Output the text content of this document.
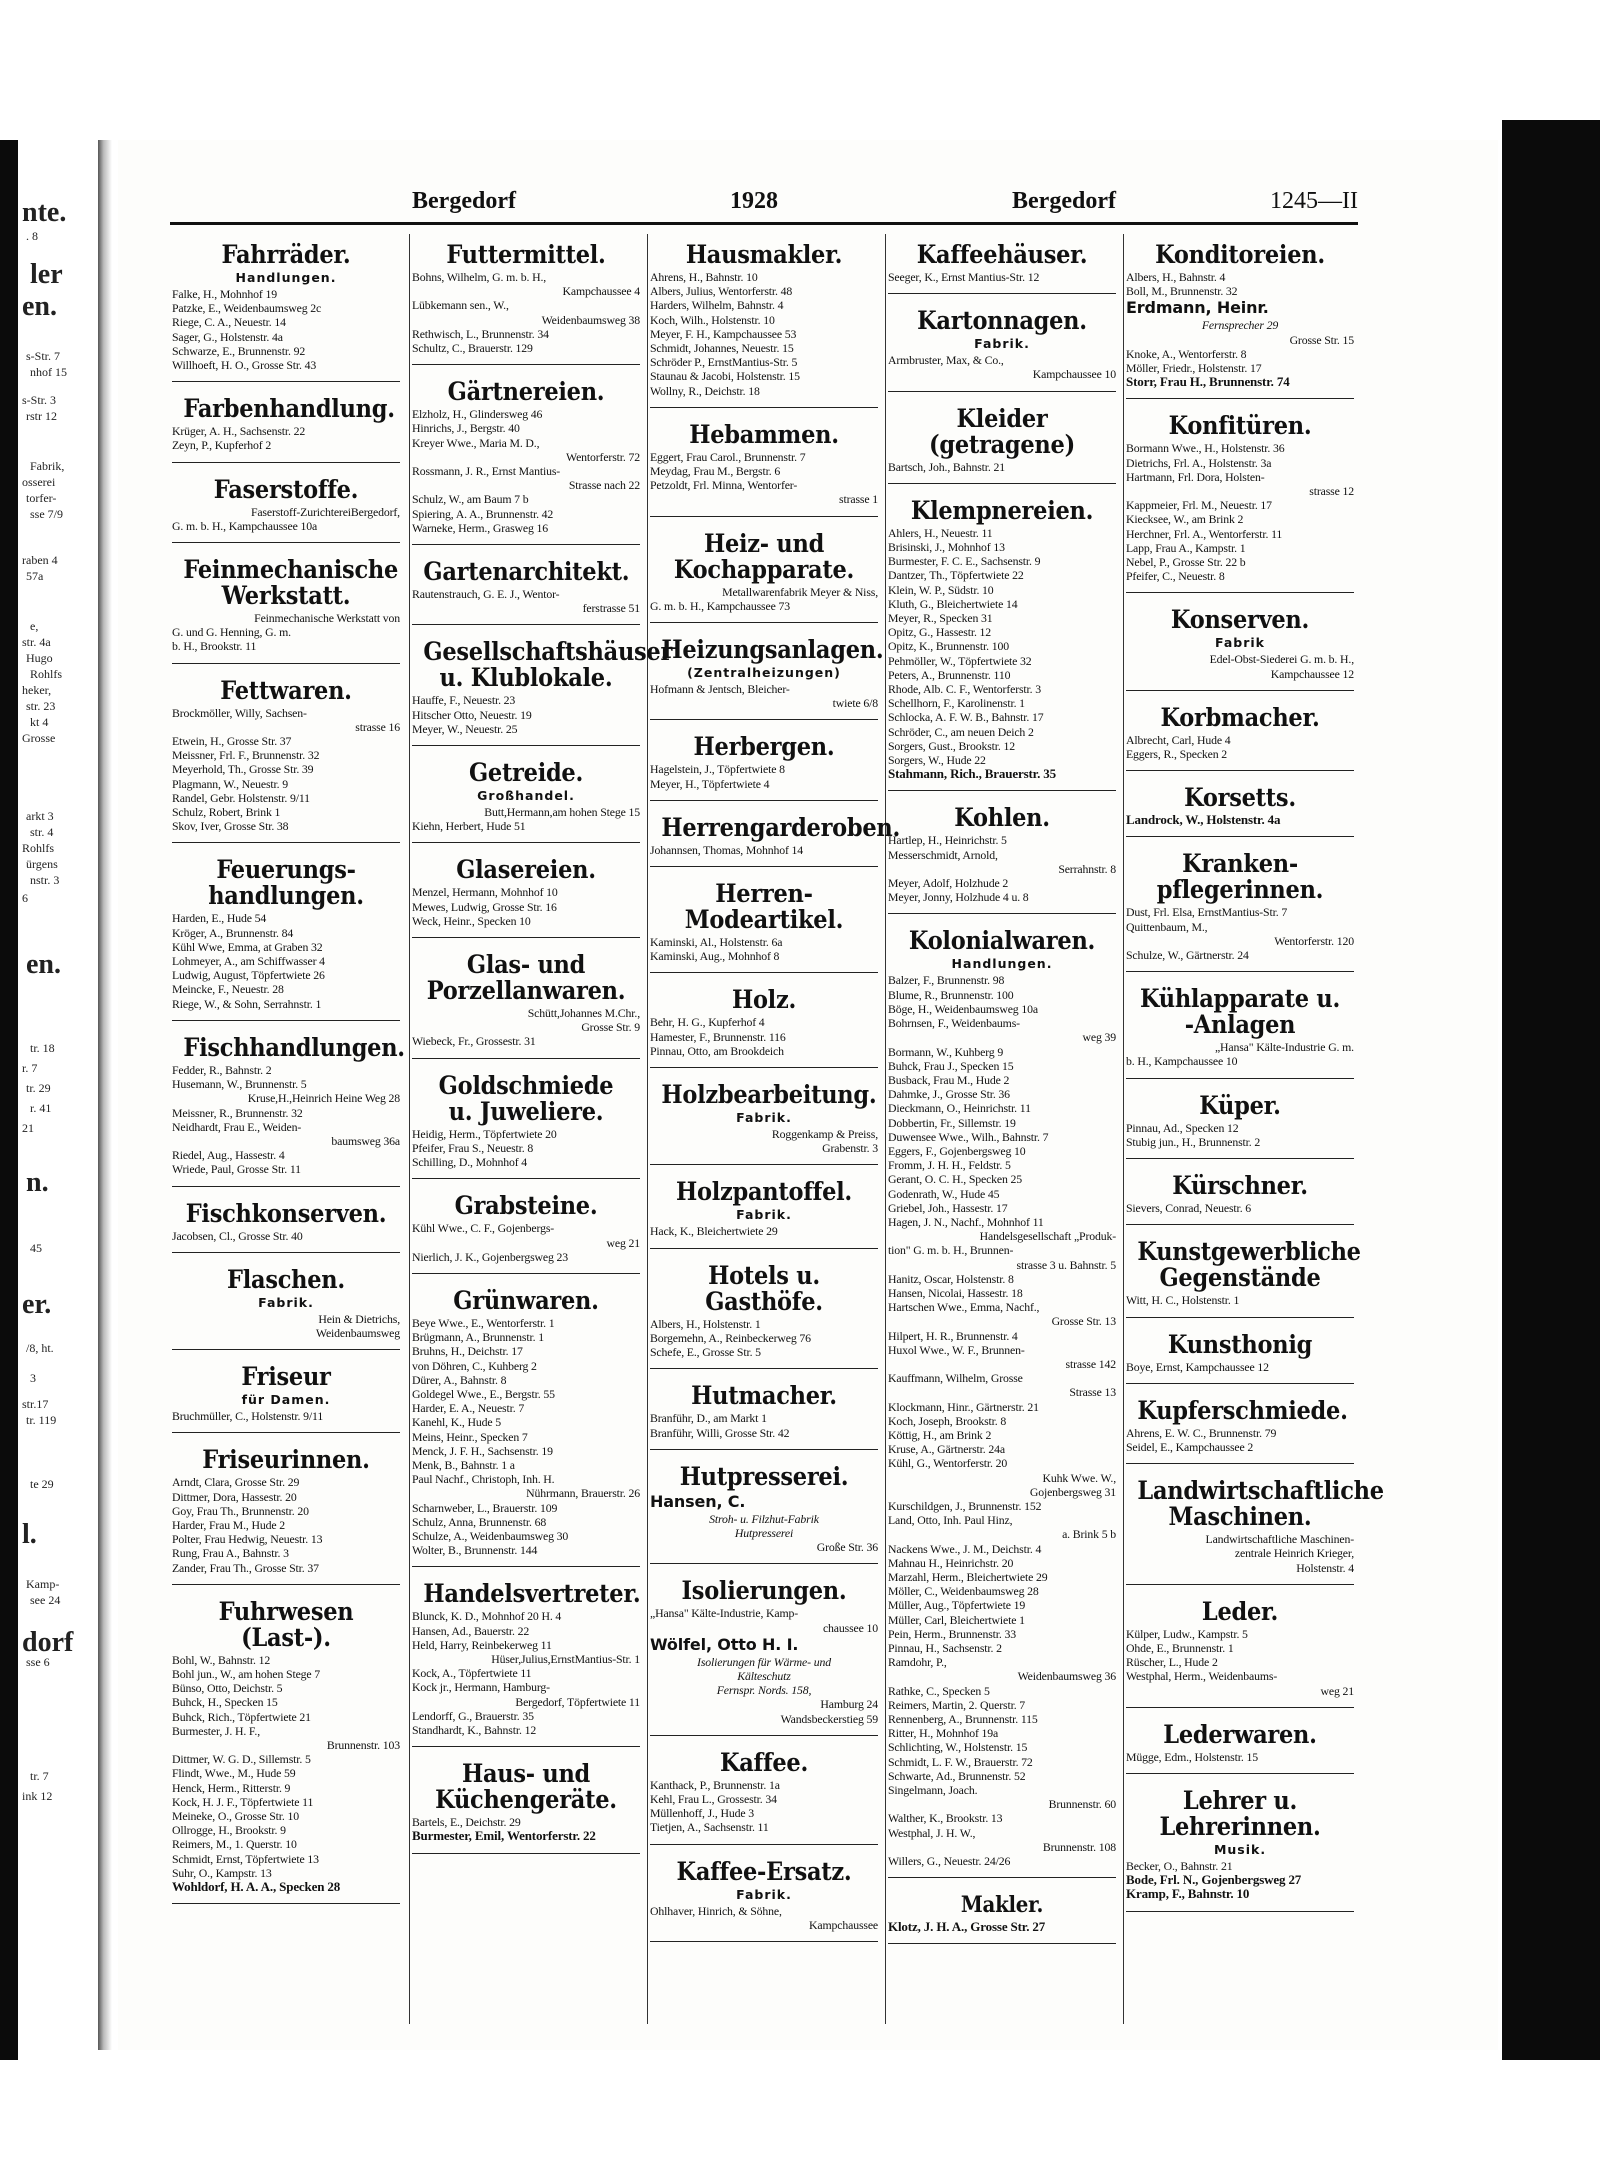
nte.
. 8
ler
en.
s-Str. 7
nhof 15
s-Str. 3
rstr 12
Fabrik,
osserei
torfer-
sse 7/9
raben 4
57a
e,
str. 4a
Hugo
Rohlfs
heker,
str. 23
kt 4
Grosse
arkt 3
str. 4
Rohlfs
ürgens
nstr. 3
6
en.
tr. 18
r. 7
tr. 29
r. 41
21
n.
45
er.
/8, ht.
3
str.17
tr. 119
te 29
l.
Kamp-
see 24
dorf
sse 6
tr. 7
ink 12
Bergedorf	1928	Bergedorf	1245—II
Fahrräder.
Handlungen.
Falke, H., Mohnhof 19
Patzke, E., Weidenbaumsweg 2c
Riege, C. A., Neuestr. 14
Sager, G., Holstenstr. 4a
Schwarze, E., Brunnenstr. 92
Willhoeft, H. O., Grosse Str. 43
Farbenhandlung.
Krüger, A. H., Sachsenstr. 22
Zeyn, P., Kupferhof 2
Faserstoffe.
Faserstoff-ZurichtereiBergedorf,
G. m. b. H., Kampchaussee 10a
Feinmechanische Werkstatt.
Feinmechanische Werkstatt von
G. und G. Henning, G. m.
b. H., Brookstr. 11
Fettwaren.
Brockmöller, Willy, Sachsen-
strasse 16
Etwein, H., Grosse Str. 37
Meissner, Frl. F., Brunnenstr. 32
Meyerhold, Th., Grosse Str. 39
Plagmann, W., Neuestr. 9
Randel, Gebr. Holstenstr. 9/11
Schulz, Robert, Brink 1
Skov, Iver, Grosse Str. 38
Feuerungs- handlungen.
Harden, E., Hude 54
Kröger, A., Brunnenstr. 84
Kühl Wwe, Emma, at Graben 32
Lohmeyer, A., am Schiffwasser 4
Ludwig, August, Töpfertwiete 26
Meincke, F., Neuestr. 28
Riege, W., & Sohn, Serrahnstr. 1
Fischhandlungen.
Fedder, R., Bahnstr. 2
Husemann, W., Brunnenstr. 5
Kruse,H.,Heinrich Heine Weg 28
Meissner, R., Brunnenstr. 32
Neidhardt, Frau E., Weiden-
baumsweg 36a
Riedel, Aug., Hassestr. 4
Wriede, Paul, Grosse Str. 11
Fischkonserven.
Jacobsen, Cl., Grosse Str. 40
Flaschen.
Fabrik.
Hein & Dietrichs,
Weidenbaumsweg
Friseur
für Damen.
Bruchmüller, C., Holstenstr. 9/11
Friseurinnen.
Arndt, Clara, Grosse Str. 29
Dittmer, Dora, Hassestr. 20
Goy, Frau Th., Brunnenstr. 20
Harder, Frau M., Hude 2
Polter, Frau Hedwig, Neuestr. 13
Rung, Frau A., Bahnstr. 3
Zander, Frau Th., Grosse Str. 37
Fuhrwesen (Last-).
Bohl, W., Bahnstr. 12
Bohl jun., W., am hohen Stege 7
Bünso, Otto, Deichstr. 5
Buhck, H., Specken 15
Buhck, Rich., Töpfertwiete 21
Burmester, J. H. F.,
Brunnenstr. 103
Dittmer, W. G. D., Sillemstr. 5
Flindt, Wwe., M., Hude 59
Henck, Herm., Ritterstr. 9
Kock, H. J. F., Töpfertwiete 11
Meineke, O., Grosse Str. 10
Ollrogge, H., Brookstr. 9
Reimers, M., 1. Querstr. 10
Schmidt, Ernst, Töpfertwiete 13
Suhr, O., Kampstr. 13
Wohldorf, H. A. A., Specken 28
Futtermittel.
Bohns, Wilhelm, G. m. b. H.,
Kampchaussee 4
Lübkemann sen., W.,
Weidenbaumsweg 38
Rethwisch, L., Brunnenstr. 34
Schultz, C., Brauerstr. 129
Gärtnereien.
Elzholz, H., Glindersweg 46
Hinrichs, J., Bergstr. 40
Kreyer Wwe., Maria M. D.,
Wentorferstr. 72
Rossmann, J. R., Ernst Mantius-
Strasse nach 22
Schulz, W., am Baum 7 b
Spiering, A. A., Brunnenstr. 42
Warneke, Herm., Grasweg 16
Gartenarchitekt.
Rautenstrauch, G. E. J., Wentor-
ferstrasse 51
Gesellschaftshäuser u. Klublokale.
Hauffe, F., Neuestr. 23
Hitscher Otto, Neuestr. 19
Meyer, W., Neuestr. 25
Getreide.
Großhandel.
Butt,Hermann,am hohen Stege 15
Kiehn, Herbert, Hude 51
Glasereien.
Menzel, Hermann, Mohnhof 10
Mewes, Ludwig, Grosse Str. 16
Weck, Heinr., Specken 10
Glas- und Porzellanwaren.
Schütt,Johannes M.Chr.,
Grosse Str. 9
Wiebeck, Fr., Grossestr. 31
Goldschmiede u. Juweliere.
Heidig, Herm., Töpfertwiete 20
Pfeifer, Frau S., Neuestr. 8
Schilling, D., Mohnhof 4
Grabsteine.
Kühl Wwe., C. F., Gojenbergs-
weg 21
Nierlich, J. K., Gojenbergsweg 23
Grünwaren.
Beye Wwe., E., Wentorferstr. 1
Brügmann, A., Brunnenstr. 1
Bruhns, H., Deichstr. 17
von Döhren, C., Kuhberg 2
Dürer, A., Bahnstr. 8
Goldegel Wwe., E., Bergstr. 55
Harder, E. A., Neuestr. 7
Kanehl, K., Hude 5
Meins, Heinr., Specken 7
Menck, J. F. H., Sachsenstr. 19
Menk, B., Bahnstr. 1 a
Paul Nachf., Christoph, Inh. H.
Nührmann, Brauerstr. 26
Scharnweber, L., Brauerstr. 109
Schulz, Anna, Brunnenstr. 68
Schulze, A., Weidenbaumsweg 30
Wolter, B., Brunnenstr. 144
Handelsvertreter.
Blunck, K. D., Mohnhof 20 H. 4
Hansen, Ad., Bauerstr. 22
Held, Harry, Reinbekerweg 11
Hüser,Julius,ErnstMantius-Str. 1
Kock, A., Töpfertwiete 11
Kock jr., Hermann, Hamburg-
Bergedorf, Töpfertwiete 11
Lendorff, G., Brauerstr. 35
Standhardt, K., Bahnstr. 12
Haus- und Küchengeräte.
Bartels, E., Deichstr. 29
Burmester, Emil, Wentorferstr. 22
Hausmakler.
Ahrens, H., Bahnstr. 10
Albers, Julius, Wentorferstr. 48
Harders, Wilhelm, Bahnstr. 4
Koch, Wilh., Holstenstr. 10
Meyer, F. H., Kampchaussee 53
Schmidt, Johannes, Neuestr. 15
Schröder P., ErnstMantius-Str. 5
Staunau & Jacobi, Holstenstr. 15
Wollny, R., Deichstr. 18
Hebammen.
Eggert, Frau Carol., Brunnenstr. 7
Meydag, Frau M., Bergstr. 6
Petzoldt, Frl. Minna, Wentorfer-
strasse 1
Heiz- und Kochapparate.
Metallwarenfabrik Meyer & Niss,
G. m. b. H., Kampchaussee 73
Heizungsanlagen.
(Zentralheizungen)
Hofmann & Jentsch, Bleicher-
twiete 6/8
Herbergen.
Hagelstein, J., Töpfertwiete 8
Meyer, H., Töpfertwiete 4
Herrengarderoben.
Johannsen, Thomas, Mohnhof 14
Herren- Modeartikel.
Kaminski, Al., Holstenstr. 6a
Kaminski, Aug., Mohnhof 8
Holz.
Behr, H. G., Kupferhof 4
Hamester, F., Brunnenstr. 116
Pinnau, Otto, am Brookdeich
Holzbearbeitung.
Fabrik.
Roggenkamp & Preiss,
Grabenstr. 3
Holzpantoffel.
Fabrik.
Hack, K., Bleichertwiete 29
Hotels u. Gasthöfe.
Albers, H., Holstenstr. 1
Borgemehn, A., Reinbeckerweg 76
Schefe, E., Grosse Str. 5
Hutmacher.
Branführ, D., am Markt 1
Branführ, Willi, Grosse Str. 42
Hutpresserei.
Hansen, C.
Stroh- u. Filzhut-Fabrik
Hutpresserei
Große Str. 36
Isolierungen.
„Hansa" Kälte-Industrie, Kamp-
chaussee 10
Wölfel, Otto H. I.
Isolierungen für Wärme- und
Kälteschutz
Fernspr. Nords. 158,
Hamburg 24
Wandsbeckerstieg 59
Kaffee.
Kanthack, P., Brunnenstr. 1a
Kehl, Frau L., Grossestr. 34
Müllenhoff, J., Hude 3
Tietjen, A., Sachsenstr. 11
Kaffee-Ersatz.
Fabrik.
Ohlhaver, Hinrich, & Söhne,
Kampchaussee
Kaffeehäuser.
Seeger, K., Ernst Mantius-Str. 12
Kartonnagen.
Fabrik.
Armbruster, Max, & Co.,
Kampchaussee 10
Kleider (getragene)
Bartsch, Joh., Bahnstr. 21
Klempnereien.
Ahlers, H., Neuestr. 11
Brisinski, J., Mohnhof 13
Burmester, F. C. E., Sachsenstr. 9
Dantzer, Th., Töpfertwiete 22
Klein, W. P., Südstr. 10
Kluth, G., Bleichertwiete 14
Meyer, R., Specken 31
Opitz, G., Hassestr. 12
Opitz, K., Brunnenstr. 100
Pehmöller, W., Töpfertwiete 32
Peters, A., Brunnenstr. 110
Rhode, Alb. C. F., Wentorferstr. 3
Schellhorn, F., Karolinenstr. 1
Schlocka, A. F. W. B., Bahnstr. 17
Schröder, C., am neuen Deich 2
Sorgers, Gust., Brookstr. 12
Sorgers, W., Hude 22
Stahmann, Rich., Brauerstr. 35
Kohlen.
Hartlep, H., Heinrichstr. 5
Messerschmidt, Arnold,
Serrahnstr. 8
Meyer, Adolf, Holzhude 2
Meyer, Jonny, Holzhude 4 u. 8
Kolonialwaren.
Handlungen.
Balzer, F., Brunnenstr. 98
Blume, R., Brunnenstr. 100
Böge, H., Weidenbaumsweg 10a
Bohrnsen, F., Weidenbaums-
weg 39
Bormann, W., Kuhberg 9
Buhck, Frau J., Specken 15
Busback, Frau M., Hude 2
Dahmke, J., Grosse Str. 36
Dieckmann, O., Heinrichstr. 11
Dobbertin, Fr., Sillemstr. 19
Duwensee Wwe., Wilh., Bahnstr. 7
Eggers, F., Gojenbergsweg 10
Fromm, J. H. H., Feldstr. 5
Gerant, O. C. H., Specken 25
Godenrath, W., Hude 45
Griebel, Joh., Hassestr. 17
Hagen, J. N., Nachf., Mohnhof 11
Handelsgesellschaft „Produk-
tion" G. m. b. H., Brunnen-
strasse 3 u. Bahnstr. 5
Hanitz, Oscar, Holstenstr. 8
Hansen, Nicolai, Hassestr. 18
Hartschen Wwe., Emma, Nachf.,
Grosse Str. 13
Hilpert, H. R., Brunnenstr. 4
Huxol Wwe., W. F., Brunnen-
strasse 142
Kauffmann, Wilhelm, Grosse
Strasse 13
Klockmann, Hinr., Gärtnerstr. 21
Koch, Joseph, Brookstr. 8
Köttig, H., am Brink 2
Kruse, A., Gärtnerstr. 24a
Kühl, G., Wentorferstr. 20
Kuhk Wwe. W.,
Gojenbergsweg 31
Kurschildgen, J., Brunnenstr. 152
Land, Otto, Inh. Paul Hinz,
a. Brink 5 b
Nackens Wwe., J. M., Deichstr. 4
Mahnau H., Heinrichstr. 20
Marzahl, Herm., Bleichertwiete 29
Möller, C., Weidenbaumsweg 28
Müller, Aug., Töpfertwiete 19
Müller, Carl, Bleichertwiete 1
Pein, Herm., Brunnenstr. 33
Pinnau, H., Sachsenstr. 2
Ramdohr, P.,
Weidenbaumsweg 36
Rathke, C., Specken 5
Reimers, Martin, 2. Querstr. 7
Rennenberg, A., Brunnenstr. 115
Ritter, H., Mohnhof 19a
Schlichting, W., Holstenstr. 15
Schmidt, L. F. W., Brauerstr. 72
Schwarte, Ad., Brunnenstr. 52
Singelmann, Joach.
Brunnenstr. 60
Walther, K., Brookstr. 13
Westphal, J. H. W.,
Brunnenstr. 108
Willers, G., Neuestr. 24/26
Makler.
Klotz, J. H. A., Grosse Str. 27
Konditoreien.
Albers, H., Bahnstr. 4
Boll, M., Brunnenstr. 32
Erdmann, Heinr.
Fernsprecher 29
Grosse Str. 15
Knoke, A., Wentorferstr. 8
Möller, Friedr., Holstenstr. 17
Storr, Frau H., Brunnenstr. 74
Konfitüren.
Bormann Wwe., H., Holstenstr. 36
Dietrichs, Frl. A., Holstenstr. 3a
Hartmann, Frl. Dora, Holsten-
strasse 12
Kappmeier, Frl. M., Neuestr. 17
Kiecksee, W., am Brink 2
Herchner, Frl. A., Wentorferstr. 11
Lapp, Frau A., Kampstr. 1
Nebel, P., Grosse Str. 22 b
Pfeifer, C., Neuestr. 8
Konserven.
Fabrik
Edel-Obst-Siederei G. m. b. H.,
Kampchaussee 12
Korbmacher.
Albrecht, Carl, Hude 4
Eggers, R., Specken 2
Korsetts.
Landrock, W., Holstenstr. 4a
Kranken- pflegerinnen.
Dust, Frl. Elsa, ErnstMantius-Str. 7
Quittenbaum, M.,
Wentorferstr. 120
Schulze, W., Gärtnerstr. 24
Kühlapparate u. -Anlagen
„Hansa" Kälte-Industrie G. m.
b. H., Kampchaussee 10
Küper.
Pinnau, Ad., Specken 12
Stubig jun., H., Brunnenstr. 2
Kürschner.
Sievers, Conrad, Neuestr. 6
Kunstgewerbliche Gegenstände
Witt, H. C., Holstenstr. 1
Kunsthonig
Boye, Ernst, Kampchaussee 12
Kupferschmiede.
Ahrens, E. W. C., Brunnenstr. 79
Seidel, E., Kampchaussee 2
Landwirtschaftliche Maschinen.
Landwirtschaftliche Maschinen-
zentrale Heinrich Krieger,
Holstenstr. 4
Leder.
Külper, Ludw., Kampstr. 5
Ohde, E., Brunnenstr. 1
Rüscher, L., Hude 2
Westphal, Herm., Weidenbaums-
weg 21
Lederwaren.
Mügge, Edm., Holstenstr. 15
Lehrer u. Lehrerinnen.
Musik.
Becker, O., Bahnstr. 21
Bode, Frl. N., Gojenbergsweg 27
Kramp, F., Bahnstr. 10
